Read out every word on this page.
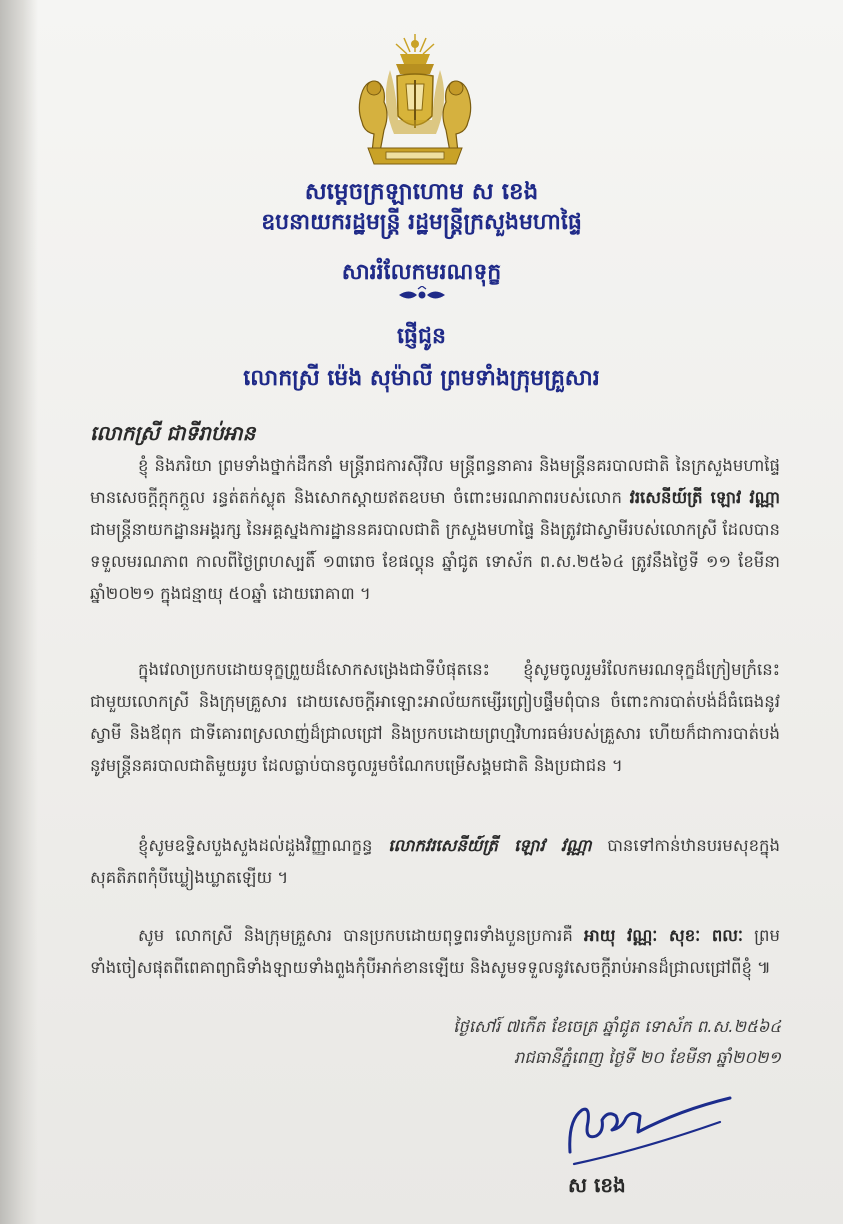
សម្តេចក្រឡាហោម ស ខេង
ឧបនាយករដ្ឋមន្ត្រី រដ្ឋមន្ត្រីក្រសួងមហាផ្ទៃ
សាររំលែកមរណទុក្ខ
ផ្ញើជូន
លោកស្រី ម៉េង សុម៉ាលី ព្រមទាំងក្រុមគ្រួសារ
លោកស្រី ជាទីរាប់អាន
ខ្ញុំ និងភរិយា ព្រមទាំងថ្នាក់ដឹកនាំ មន្ត្រីរាជការស៊ីវិល មន្ត្រីពន្ធនាគារ និងមន្ត្រីនគរបាលជាតិ នៃក្រសួងមហាផ្ទៃ មានសេចក្តីក្តុកក្តួល រន្ធត់តក់ស្លុត និងសោកស្តាយឥតឧបមា ចំពោះមរណភាពរបស់លោក វរសេនីយ៍ត្រី ឡោវ វណ្ណា ជាមន្ត្រីនាយកដ្ឋានអង្គរក្ស នៃអគ្គស្នងការដ្ឋាននគរបាលជាតិ ក្រសួងមហាផ្ទៃ និងត្រូវជាស្វាមីរបស់លោកស្រី ដែលបានទទួលមរណភាព កាលពីថ្ងៃព្រហស្បតិ៍ ១៣រោច ខែផល្គុន ឆ្នាំជូត ទោស័ក ព.ស.២៥៦៤ ត្រូវនឹងថ្ងៃទី ១១ ខែមីនា ឆ្នាំ២០២១ ក្នុងជន្មាយុ ៥០ឆ្នាំ ដោយរោគា៣ ។
ក្នុងវេលាប្រកបដោយទុក្ខព្រួយដ៏សោកសង្រេងជាទីបំផុតនេះ ខ្ញុំសូមចូលរួមរំលែកមរណទុក្ខដ៏ក្រៀមក្រំនេះជាមួយលោកស្រី និងក្រុមគ្រួសារ ដោយសេចក្តីអាឡោះអាល័យកម្សើរព្រៀបផ្ទឹមពុំបាន ចំពោះការបាត់បង់ដ៏ធំធេងនូវស្វាមី និងឪពុក ជាទីគោរពស្រលាញ់ដ៏ជ្រាលជ្រៅ និងប្រកបដោយព្រហ្មវិហារធម៌របស់គ្រួសារ ហើយក៏ជាការបាត់បង់នូវមន្ត្រីនគរបាលជាតិមួយរូប ដែលធ្លាប់បានចូលរួមចំណែកបម្រើសង្គមជាតិ និងប្រជាជន ។
ខ្ញុំសូមឧទ្ទិសបួងសួងដល់ដួងវិញ្ញាណក្ខន្ធ លោកវរសេនីយ៍ត្រី ឡោវ វណ្ណា បានទៅកាន់ឋានបរមសុខក្នុងសុគតិភពកុំបីឃ្លៀងឃ្លាតឡើយ ។
សូម លោកស្រី និងក្រុមគ្រួសារ បានប្រកបដោយពុទ្ធពរទាំងបួនប្រការគឺ អាយុ វណ្ណៈ សុខៈ ពលៈ ព្រមទាំងចៀសផុតពីពេគាព្យាធិទាំងឡាយទាំងពួងកុំបីអាក់ខានឡើយ និងសូមទទួលនូវសេចក្តីរាប់អានដ៏ជ្រាលជ្រៅពីខ្ញុំ ៕
ថ្ងៃសៅរ៍ ៧កើត ខែចេត្រ ឆ្នាំជូត ទោស័ក ព.ស.២៥៦៤
រាជធានីភ្នំពេញ ថ្ងៃទី ២០ ខែមីនា ឆ្នាំ២០២១
ស ខេង
